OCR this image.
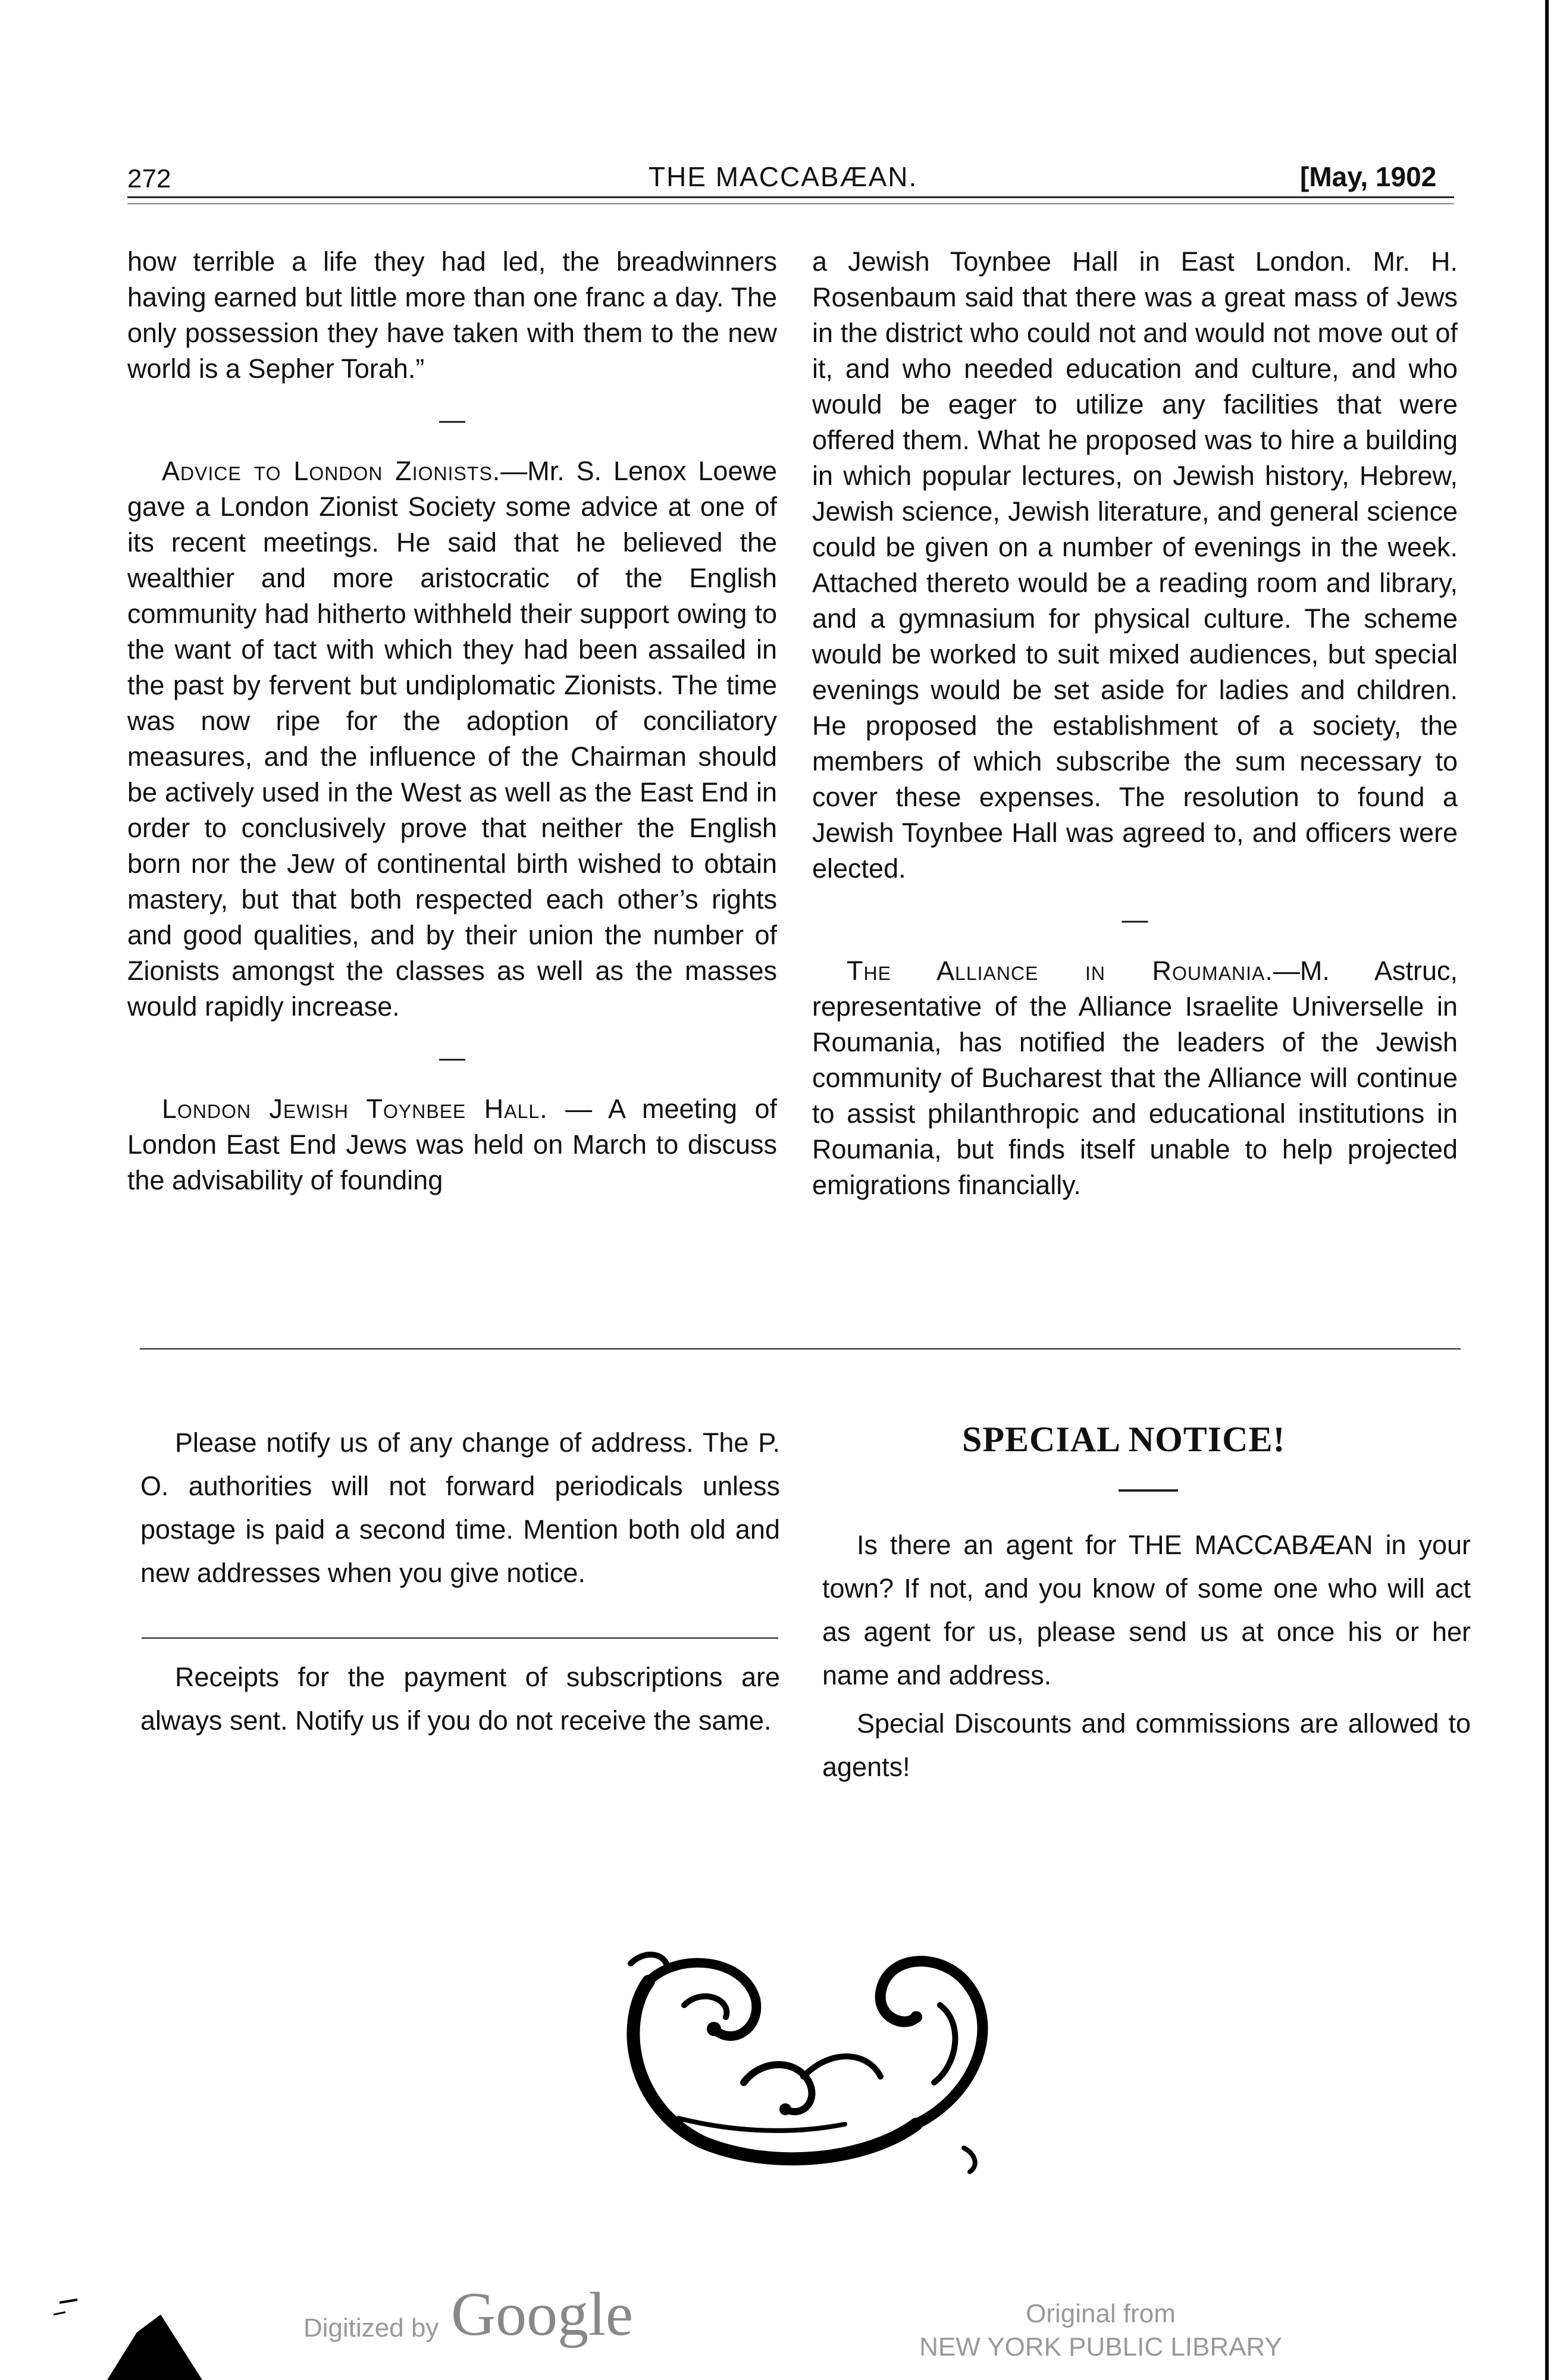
272	THE MACCABÆAN.	[May, 1902

how terrible a life they had led, the breadwinners having earned but little more than one franc a day. The only possession they have taken with them to the new world is a Sepher Torah.”

—

Advice to London Zionists.—Mr. S. Lenox Loewe gave a London Zionist Society some advice at one of its recent meetings. He said that he believed the wealthier and more aristocratic of the English community had hitherto withheld their support owing to the want of tact with which they had been assailed in the past by fervent but undiplomatic Zionists. The time was now ripe for the adoption of conciliatory measures, and the influence of the Chairman should be actively used in the West as well as the East End in order to conclusively prove that neither the English born nor the Jew of continental birth wished to obtain mastery, but that both respected each other’s rights and good qualities, and by their union the number of Zionists amongst the classes as well as the masses would rapidly increase.

—

London Jewish Toynbee Hall. — A meeting of London East End Jews was held on March to discuss the advisability of founding

a Jewish Toynbee Hall in East London. Mr. H. Rosenbaum said that there was a great mass of Jews in the district who could not and would not move out of it, and who needed education and culture, and who would be eager to utilize any facilities that were offered them. What he proposed was to hire a building in which popular lectures, on Jewish history, Hebrew, Jewish science, Jewish literature, and general science could be given on a number of evenings in the week. Attached thereto would be a reading room and library, and a gymnasium for physical culture. The scheme would be worked to suit mixed audiences, but special evenings would be set aside for ladies and children. He proposed the establishment of a society, the members of which subscribe the sum necessary to cover these expenses. The resolution to found a Jewish Toynbee Hall was agreed to, and officers were elected.

—

The Alliance in Roumania.—M. Astruc, representative of the Alliance Israelite Universelle in Roumania, has notified the leaders of the Jewish community of Bucharest that the Alliance will continue to assist philanthropic and educational institutions in Roumania, but finds itself unable to help projected emigrations financially.

Please notify us of any change of address. The P. O. authorities will not forward periodicals unless postage is paid a second time. Mention both old and new addresses when you give notice.

Receipts for the payment of subscriptions are always sent. Notify us if you do not receive the same.

SPECIAL NOTICE!

Is there an agent for THE MACCABÆAN in your town? If not, and you know of some one who will act as agent for us, please send us at once his or her name and address.

Special Discounts and commissions are allowed to agents!

Digitized by Google	Original from
NEW YORK PUBLIC LIBRARY
